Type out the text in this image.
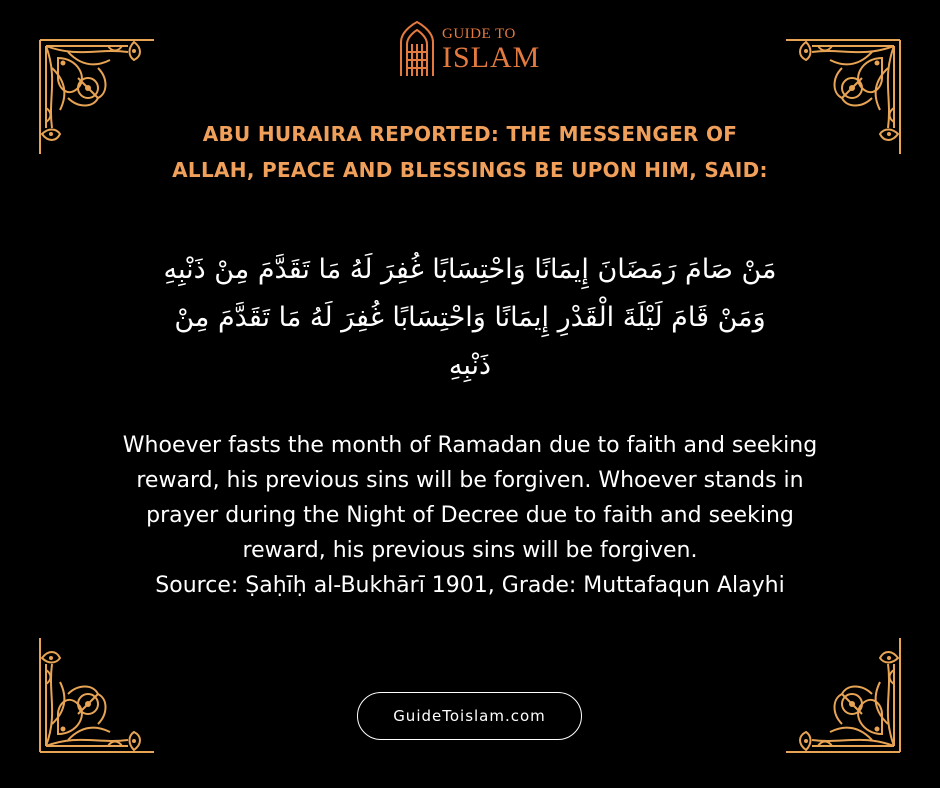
GUIDE TO
ISLAM
ABU HURAIRA REPORTED: THE MESSENGER OF ALLAH, PEACE AND BLESSINGS BE UPON HIM, SAID:
مَنْ صَامَ رَمَضَانَ إِيمَانًا وَاحْتِسَابًا غُفِرَ لَهُ مَا تَقَدَّمَ مِنْ ذَنْبِهِ وَمَنْ قَامَ لَيْلَةَ الْقَدْرِ إِيمَانًا وَاحْتِسَابًا غُفِرَ لَهُ مَا تَقَدَّمَ مِنْ ذَنْبِهِ

Whoever fasts the month of Ramadan due to faith and seeking reward, his previous sins will be forgiven. Whoever stands in prayer during the Night of Decree due to faith and seeking reward, his previous sins will be forgiven.

Source: Ṣaḥīḥ al-Bukhārī 1901, Grade: Muttafaqun Alayhi

GuideToislam.com
